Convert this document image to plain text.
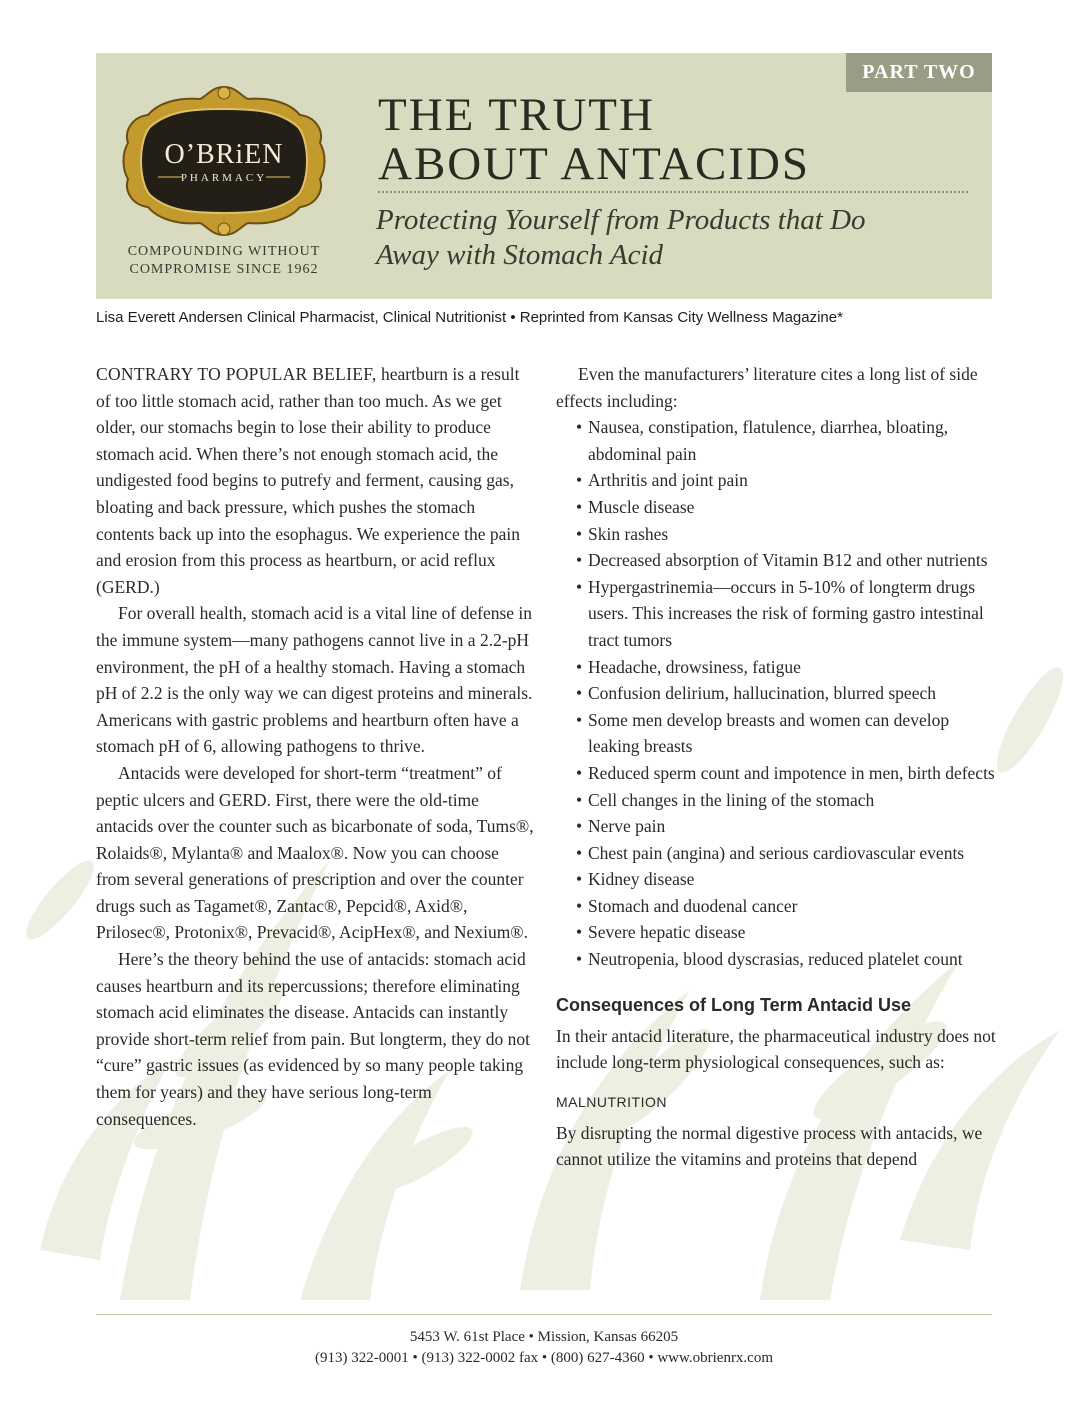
PART TWO
O’BRiEN
PHARMACY
COMPOUNDING WITHOUT
COMPROMISE SINCE 1962
THE TRUTH
ABOUT ANTACIDS
Protecting Yourself from Products that Do
Away with Stomach Acid
Lisa Everett Andersen Clinical Pharmacist, Clinical Nutritionist • Reprinted from Kansas City Wellness Magazine*

CONTRARY TO POPULAR BELIEF, heartburn is a result of too little stomach acid, rather than too much. As we get older, our stomachs begin to lose their ability to produce stomach acid. When there’s not enough stomach acid, the undigested food begins to putrefy and ferment, causing gas, bloating and back pressure, which pushes the stomach contents back up into the esophagus. We experience the pain and erosion from this process as heartburn, or acid reflux (GERD.)

For overall health, stomach acid is a vital line of defense in the immune system—many pathogens cannot live in a 2.2-pH environment, the pH of a healthy stomach. Having a stomach pH of 2.2 is the only way we can digest proteins and minerals. Americans with gastric problems and heartburn often have a stomach pH of 6, allowing pathogens to thrive.

Antacids were developed for short-term “treatment” of peptic ulcers and GERD. First, there were the old-time antacids over the counter such as bicarbonate of soda, Tums®, Rolaids®, Mylanta® and Maalox®. Now you can choose from several generations of prescription and over the counter drugs such as Tagamet®, Zantac®, Pepcid®, Axid®, Prilosec®, Protonix®, Prevacid®, AcipHex®, and Nexium®.

Here’s the theory behind the use of antacids: stomach acid causes heartburn and its repercussions; therefore eliminating stomach acid eliminates the disease. Antacids can instantly provide short-term relief from pain. But longterm, they do not “cure” gastric issues (as evidenced by so many people taking them for years) and they have serious long-term consequences.

Even the manufacturers’ literature cites a long list of side effects including:

• Nausea, constipation, flatulence, diarrhea, bloating, abdominal pain
• Arthritis and joint pain
• Muscle disease
• Skin rashes
• Decreased absorption of Vitamin B12 and other nutrients
• Hypergastrinemia—occurs in 5-10% of longterm drugs users. This increases the risk of forming gastro intestinal tract tumors
• Headache, drowsiness, fatigue
• Confusion delirium, hallucination, blurred speech
• Some men develop breasts and women can develop leaking breasts
• Reduced sperm count and impotence in men, birth defects
• Cell changes in the lining of the stomach
• Nerve pain
• Chest pain (angina) and serious cardiovascular events
• Kidney disease
• Stomach and duodenal cancer
• Severe hepatic disease
• Neutropenia, blood dyscrasias, reduced platelet count
Consequences of Long Term Antacid Use

In their antacid literature, the pharmaceutical industry does not include long-term physiological consequences, such as:

MALNUTRITION

By disrupting the normal digestive process with antacids, we cannot utilize the vitamins and proteins that depend

5453 W. 61st Place • Mission, Kansas 66205
(913) 322-0001 • (913) 322-0002 fax • (800) 627-4360 • www.obrienrx.com
